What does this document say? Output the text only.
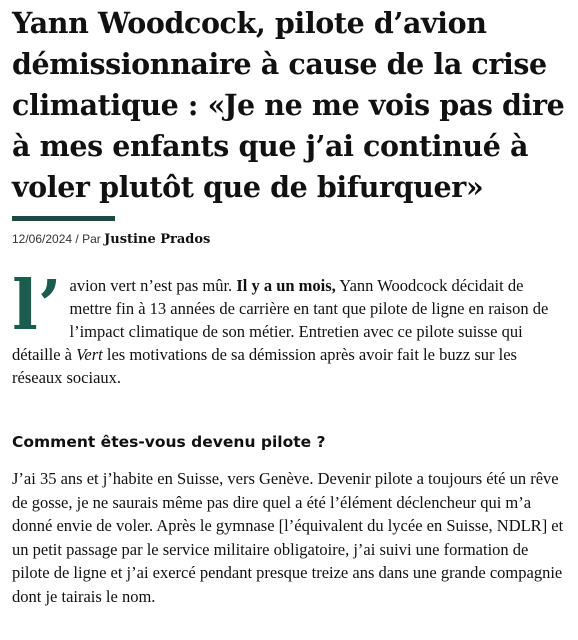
Yann Woodcock, pilote d’avion démissionnaire à cause de la crise climatique : «Je ne me vois pas dire à mes enfants que j’ai continué à voler plutôt que de bifurquer»
12/06/2024 / Par Justine Prados
l’ avion vert n’est pas mûr. Il y a un mois, Yann Woodcock décidait de mettre fin à 13 années de carrière en tant que pilote de ligne en raison de l’impact climatique de son métier. Entretien avec ce pilote suisse qui détaille à Vert les motivations de sa démission après avoir fait le buzz sur les réseaux sociaux.

Comment êtes-vous devenu pilote ?

J’ai 35 ans et j’habite en Suisse, vers Genève. Devenir pilote a toujours été un rêve de gosse, je ne saurais même pas dire quel a été l’élément déclencheur qui m’a donné envie de voler. Après le gymnase [l’équivalent du lycée en Suisse, NDLR] et un petit passage par le service militaire obligatoire, j’ai suivi une formation de pilote de ligne et j’ai exercé pendant presque treize ans dans une grande compagnie dont je tairais le nom.
